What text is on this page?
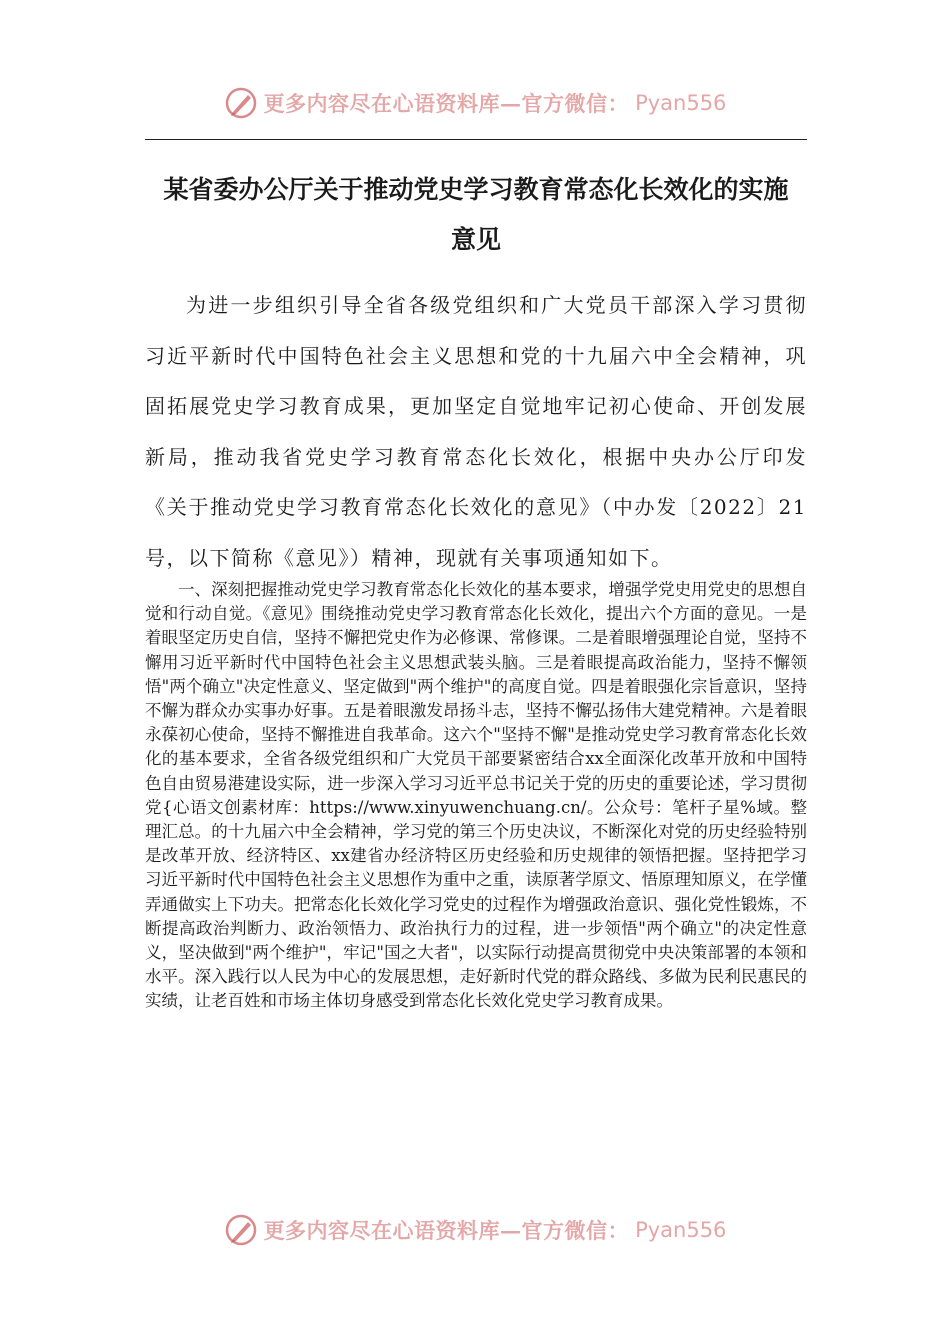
更多内容尽在心语资料库—官方微信： Pyan556
某省委办公厅关于推动党史学习教育常态化长效化的实施
意见

为进一步组织引导全省各级党组织和广大党员干部深入学习贯彻习近平新时代中国特色社会主义思想和党的十九届六中全会精神，巩固拓展党史学习教育成果，更加坚定自觉地牢记初心使命、开创发展新局，推动我省党史学习教育常态化长效化，根据中央办公厅印发《关于推动党史学习教育常态化长效化的意见》（中办发〔2022〕21号，以下简称《意见》）精神，现就有关事项通知如下。

一、深刻把握推动党史学习教育常态化长效化的基本要求，增强学党史用党史的思想自觉和行动自觉。《意见》围绕推动党史学习教育常态化长效化，提出六个方面的意见。一是着眼坚定历史自信，坚持不懈把党史作为必修课、常修课。二是着眼增强理论自觉，坚持不懈用习近平新时代中国特色社会主义思想武装头脑。三是着眼提高政治能力，坚持不懈领悟"两个确立"决定性意义、坚定做到"两个维护"的高度自觉。四是着眼强化宗旨意识，坚持不懈为群众办实事办好事。五是着眼激发昂扬斗志，坚持不懈弘扬伟大建党精神。六是着眼永葆初心使命，坚持不懈推进自我革命。这六个"坚持不懈"是推动党史学习教育常态化长效化的基本要求，全省各级党组织和广大党员干部要紧密结合xx全面深化改革开放和中国特色自由贸易港建设实际，进一步深入学习习近平总书记关于党的历史的重要论述，学习贯彻党{心语文创素材库：https://www.xinyuwenchuang.cn/。公众号：笔杆子星%域。整理汇总。的十九届六中全会精神，学习党的第三个历史决议，不断深化对党的历史经验特别是改革开放、经济特区、xx建省办经济特区历史经验和历史规律的领悟把握。坚持把学习习近平新时代中国特色社会主义思想作为重中之重，读原著学原文、悟原理知原义，在学懂弄通做实上下功夫。把常态化长效化学习党史的过程作为增强政治意识、强化党性锻炼，不断提高政治判断力、政治领悟力、政治执行力的过程，进一步领悟"两个确立"的决定性意义，坚决做到"两个维护"，牢记"国之大者"，以实际行动提高贯彻党中央决策部署的本领和水平。深入践行以人民为中心的发展思想，走好新时代党的群众路线、多做为民利民惠民的实绩，让老百姓和市场主体切身感受到常态化长效化党史学习教育成果。

更多内容尽在心语资料库—官方微信： Pyan556
